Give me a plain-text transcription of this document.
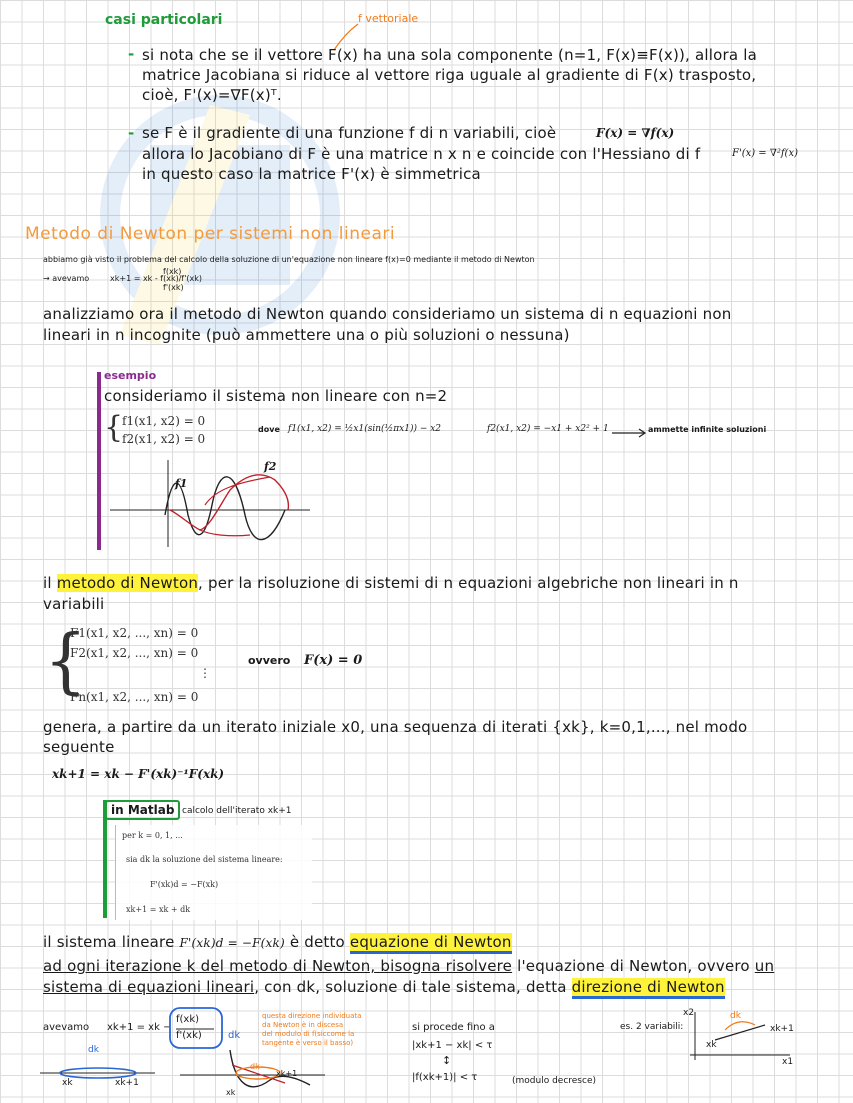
casi particolari	f vettoriale
- si nota che se il vettore F(x) ha una sola componente (n=1, F(x)≡F(x)), allora la
matrice Jacobiana si riduce al vettore riga uguale al gradiente di F(x) trasposto,
cioè, F'(x)=∇F(x)ᵀ.
- se F è il gradiente di una funzione f di n variabili, cioè	F(x) = ∇f(x)
allora lo Jacobiano di F è una matrice n x n e coincide con l'Hessiano di f	F'(x) = ∇²f(x)
in questo caso la matrice F'(x) è simmetrica
Metodo di Newton per sistemi non lineari
abbiamo già visto il problema del calcolo della soluzione di un'equazione non lineare f(x)=0 mediante il metodo di Newton
→ avevamo	xk+1 = xk - f(xk)/f'(xk)
f(xk)
f'(xk)
analizziamo ora il metodo di Newton quando consideriamo un sistema di n equazioni non
lineari in n incognite (può ammettere una o più soluzioni o nessuna)
esempio
consideriamo il sistema non lineare con n=2
{
f1(x1, x2) = 0
f2(x1, x2) = 0
dove f1(x1, x2) = ½x1(sin(½πx1)) − x2	f2(x1, x2) = −x1 + x2² + 1	ammette infinite soluzioni
f1
f2
il metodo di Newton, per la risoluzione di sistemi di n equazioni algebriche non lineari in n
variabili
{
F1(x1, x2, ..., xn) = 0
F2(x1, x2, ..., xn) = 0
⋮
Fn(x1, x2, ..., xn) = 0
ovvero F(x) = 0
genera, a partire da un iterato iniziale x0, una sequenza di iterati {xk}, k=0,1,..., nel modo
seguente
xk+1 = xk − F'(xk)⁻¹F(xk)
in Matlab calcolo dell'iterato xk+1
per k = 0, 1, ...
sia dk la soluzione del sistema lineare:
F'(xk)d = −F(xk)
xk+1 = xk + dk
il sistema lineare F'(xk)d = −F(xk) è detto equazione di Newton
ad ogni iterazione k del metodo di Newton, bisogna risolvere l'equazione di Newton, ovvero un
sistema di equazioni lineari, con dk, soluzione di tale sistema, detta direzione di Newton
avevamo xk+1 = xk −
f(xk)
f'(xk)	dk
questa direzione individuata
da Newton è in discesa
del modulo di f(siccome la
tangente è verso il basso)
dk
xk	xk+1
dk
xk+1
xk
si procede fino a
|xk+1 − xk| < τ
↕
|f(xk+1)| < τ	(modulo decresce)
es. 2 variabili:
x2
x1
dk
xk
xk+1
